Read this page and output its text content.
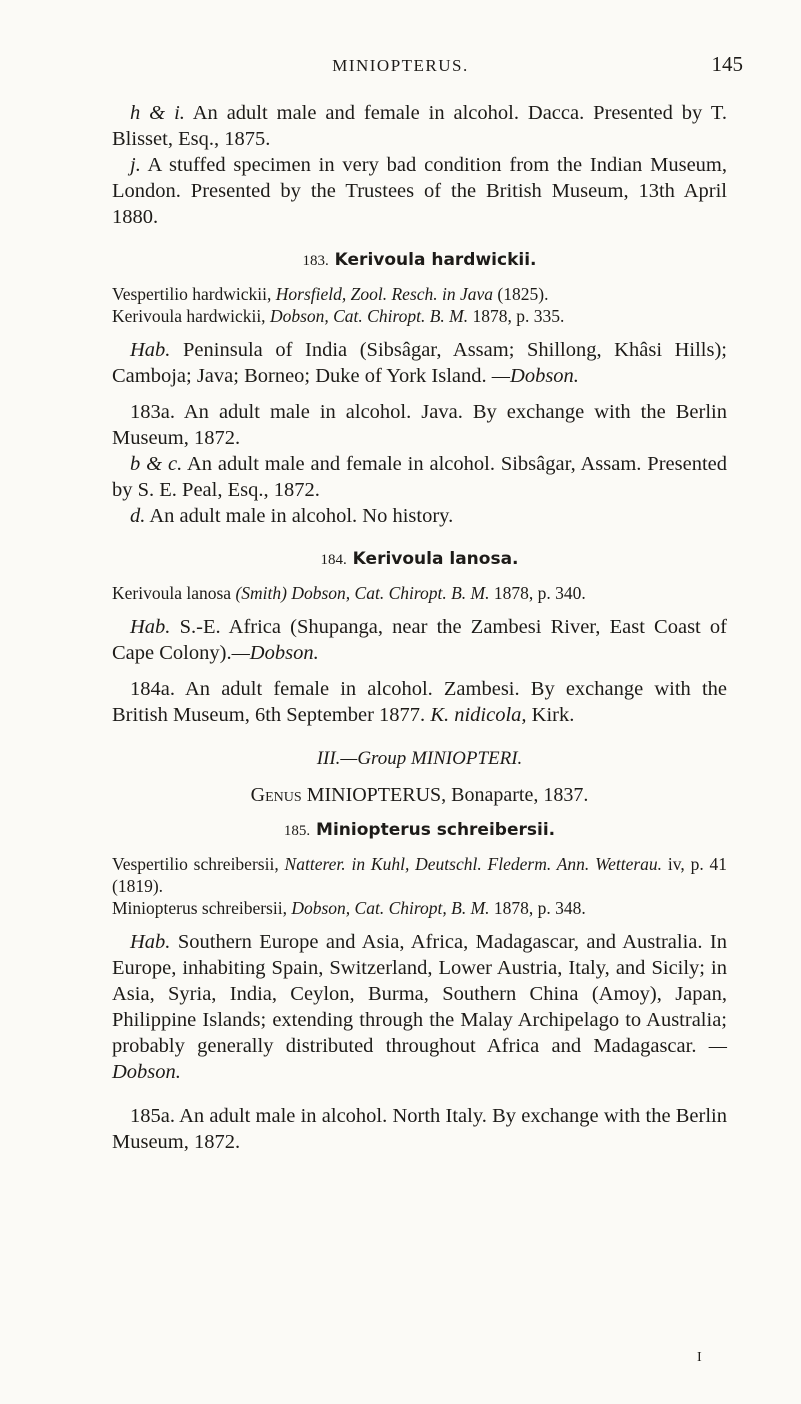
MINIOPTERUS.	145

h & i. An adult male and female in alcohol. Dacca. Presented by T. Blisset, Esq., 1875.

j. A stuffed specimen in very bad condition from the Indian Museum, London. Presented by the Trustees of the British Museum, 13th April 1880.

183. Kerivoula hardwickii.

Vespertilio hardwickii, Horsfield, Zool. Resch. in Java (1825).

Kerivoula hardwickii, Dobson, Cat. Chiropt. B. M. 1878, p. 335.

Hab. Peninsula of India (Sibsâgar, Assam; Shillong, Khâsi Hills); Camboja; Java; Borneo; Duke of York Island. —Dobson.

183a. An adult male in alcohol. Java. By exchange with the Berlin Museum, 1872.

b & c. An adult male and female in alcohol. Sibsâgar, Assam. Presented by S. E. Peal, Esq., 1872.

d. An adult male in alcohol. No history.

184. Kerivoula lanosa.

Kerivoula lanosa (Smith) Dobson, Cat. Chiropt. B. M. 1878, p. 340.

Hab. S.-E. Africa (Shupanga, near the Zambesi River, East Coast of Cape Colony).—Dobson.

184a. An adult female in alcohol. Zambesi. By exchange with the British Museum, 6th September 1877. K. nidicola, Kirk.

III.—Group MINIOPTERI.
Genus MINIOPTERUS, Bonaparte, 1837.
185. Miniopterus schreibersii.

Vespertilio schreibersii, Natterer. in Kuhl, Deutschl. Flederm. Ann. Wetterau. iv, p. 41 (1819).

Miniopterus schreibersii, Dobson, Cat. Chiropt, B. M. 1878, p. 348.

Hab. Southern Europe and Asia, Africa, Madagascar, and Australia. In Europe, inhabiting Spain, Switzerland, Lower Austria, Italy, and Sicily; in Asia, Syria, India, Ceylon, Burma, Southern China (Amoy), Japan, Philippine Islands; extending through the Malay Archipelago to Australia; probably generally distributed throughout Africa and Madagascar. —Dobson.

185a. An adult male in alcohol. North Italy. By exchange with the Berlin Museum, 1872.

I
